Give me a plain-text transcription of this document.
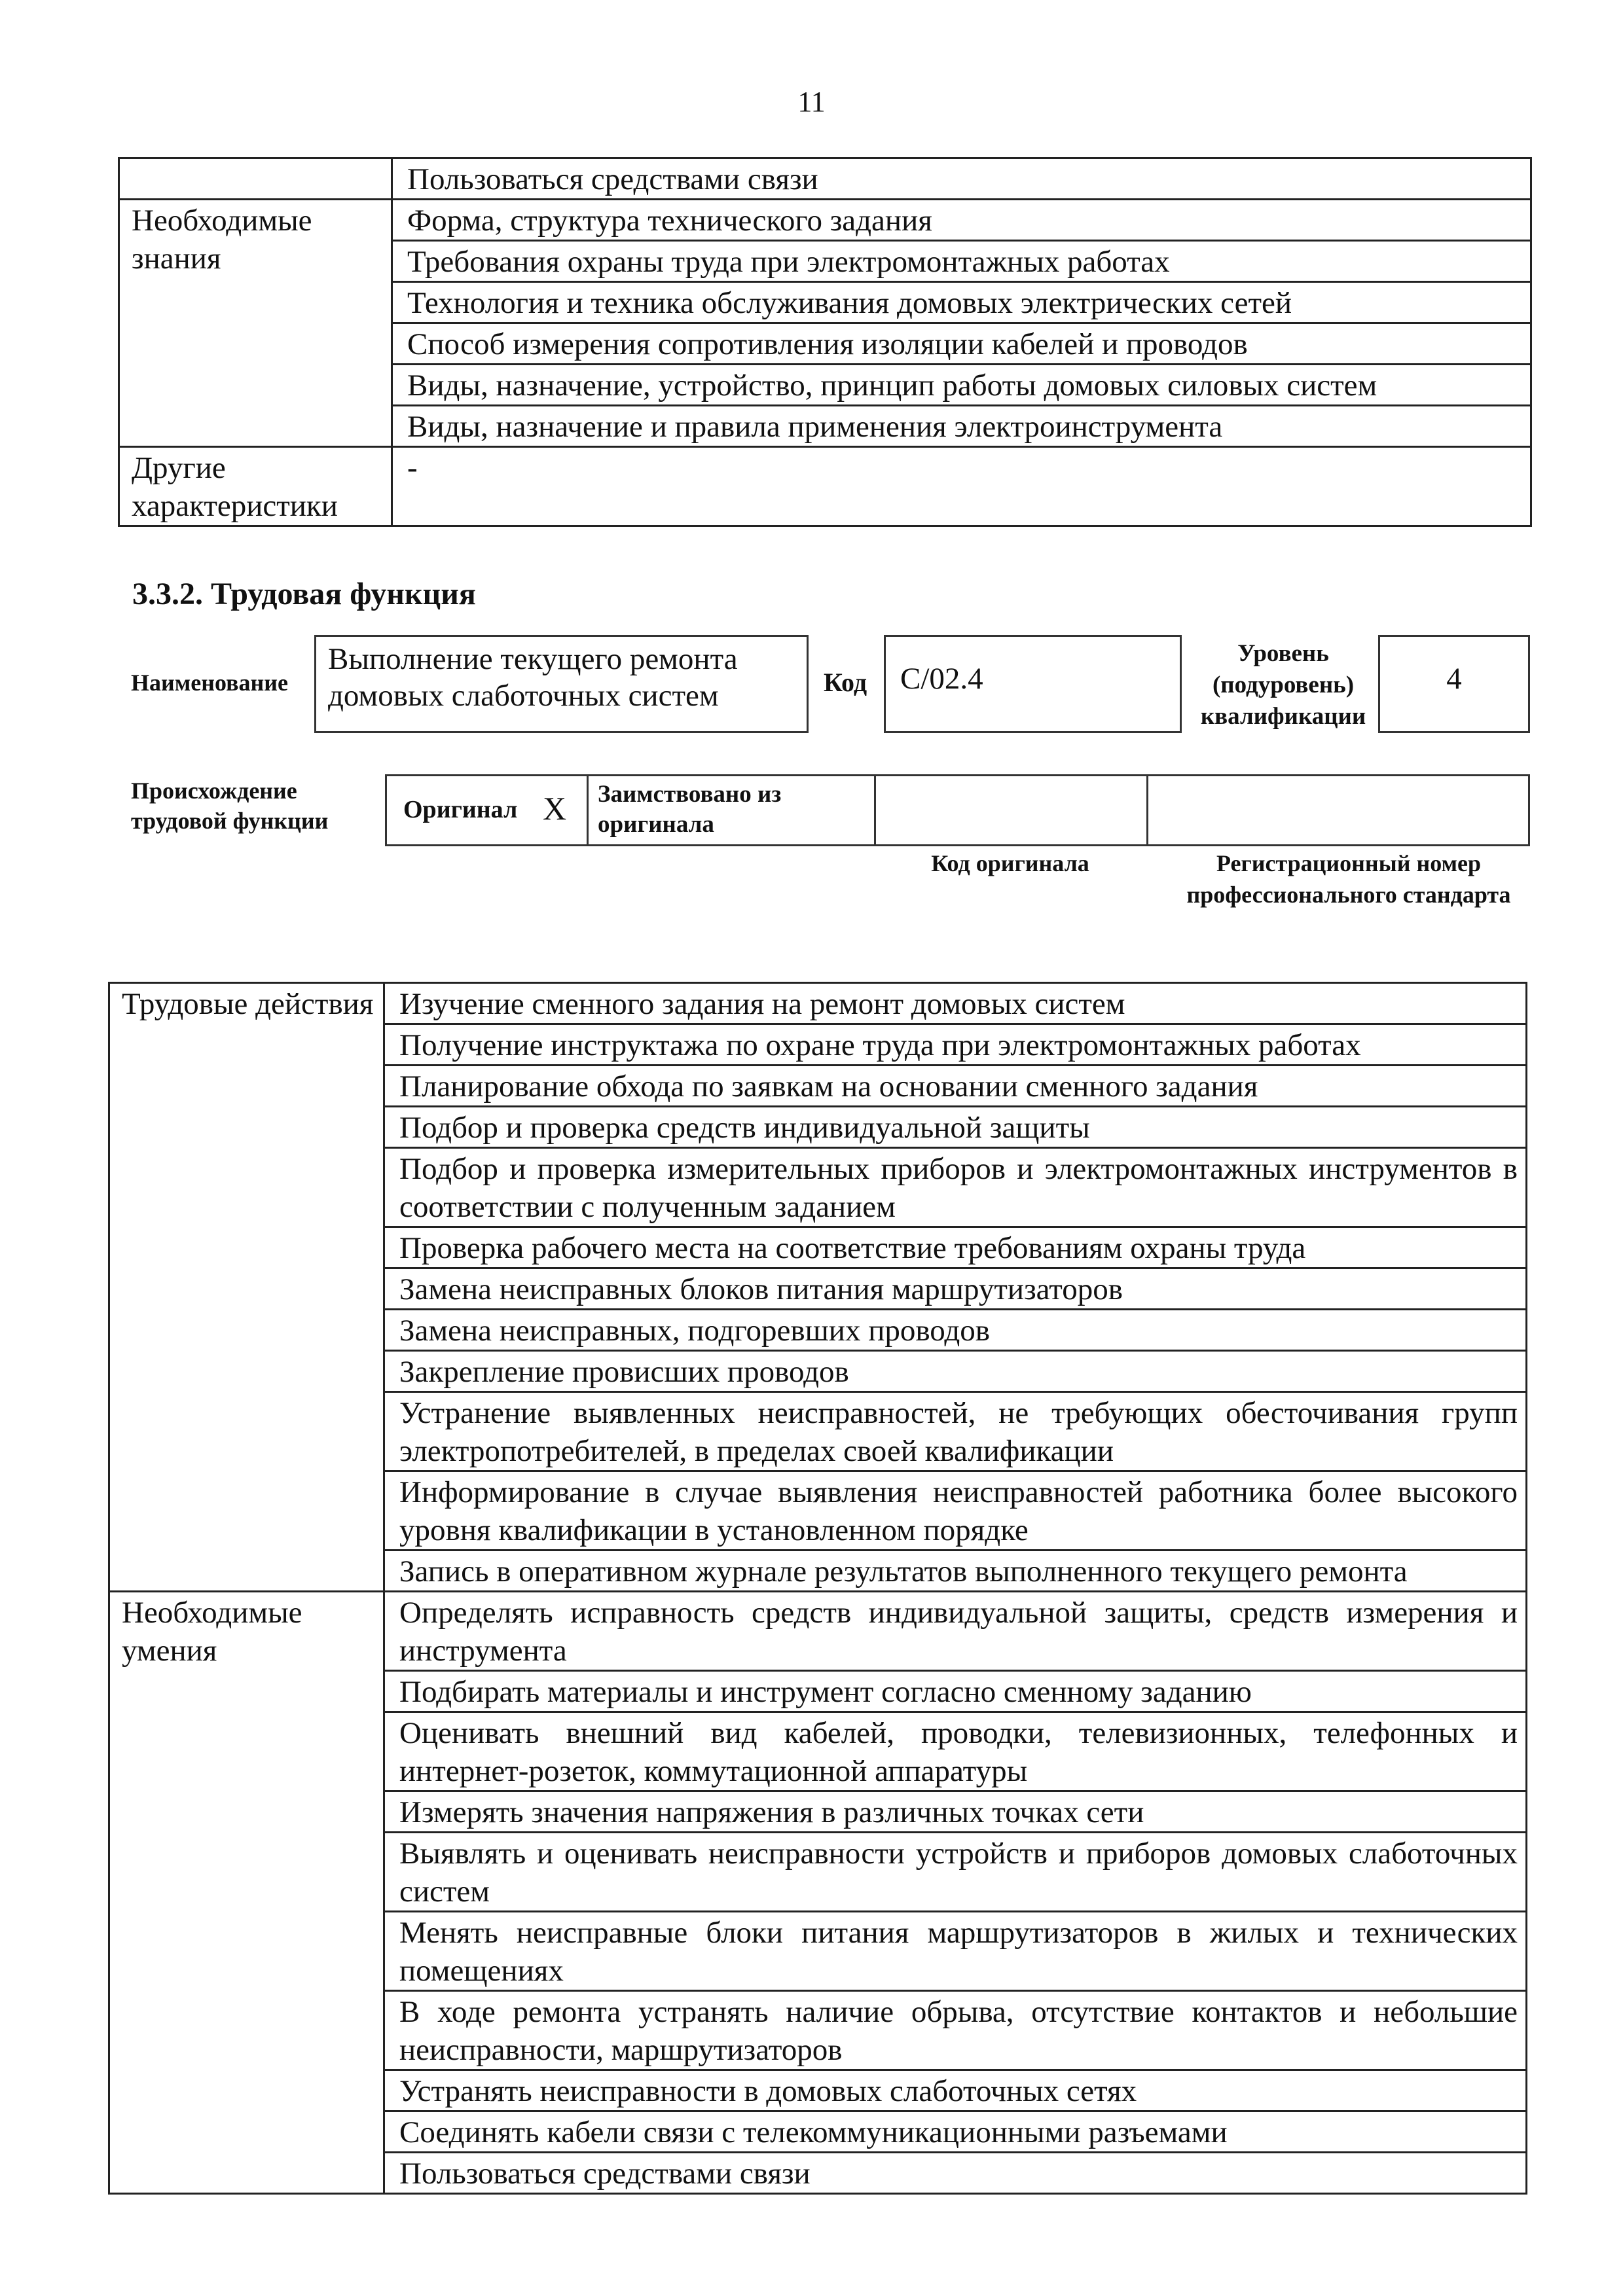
11
	Пользоваться средствами связи
Необходимые знания	Форма, структура технического задания
	Требования охраны труда при электромонтажных работах
	Технология и техника обслуживания домовых электрических сетей
	Способ измерения сопротивления изоляции кабелей и проводов
	Виды, назначение, устройство, принцип работы домовых силовых систем
	Виды, назначение и правила применения электроинструмента
Другие характеристики	-
3.3.2. Трудовая функция
Наименование
Выполнение текущего ремонта домовых слаботочных систем	Код С/02.4
Уровень (подуровень) квалификации
4
Происхождение трудовой функции	Оригинал X Заимствовано из оригинала
Код оригинала	Регистрационный номер профессионального стандарта
Трудовые действия	Изучение сменного задания на ремонт домовых систем
	Получение инструктажа по охране труда при электромонтажных работах
	Планирование обхода по заявкам на основании сменного задания
	Подбор и проверка средств индивидуальной защиты
	Подбор и проверка измерительных приборов и электромонтажных инструментов в соответствии с полученным заданием
	Проверка рабочего места на соответствие требованиям охраны труда
	Замена неисправных блоков питания маршрутизаторов
	Замена неисправных, подгоревших проводов
	Закрепление провисших проводов
	Устранение выявленных неисправностей, не требующих обесточивания групп электропотребителей, в пределах своей квалификации
	Информирование в случае выявления неисправностей работника более высокого уровня квалификации в установленном порядке
	Запись в оперативном журнале результатов выполненного текущего ремонта
Необходимые умения	Определять исправность средств индивидуальной защиты, средств измерения и инструмента
	Подбирать материалы и инструмент согласно сменному заданию
	Оценивать внешний вид кабелей, проводки, телевизионных, телефонных и интернет-розеток, коммутационной аппаратуры
	Измерять значения напряжения в различных точках сети
	Выявлять и оценивать неисправности устройств и приборов домовых слаботочных систем
	Менять неисправные блоки питания маршрутизаторов в жилых и технических помещениях
	В ходе ремонта устранять наличие обрыва, отсутствие контактов и небольшие неисправности, маршрутизаторов
	Устранять неисправности в домовых слаботочных сетях
	Соединять кабели связи с телекоммуникационными разъемами
	Пользоваться средствами связи
